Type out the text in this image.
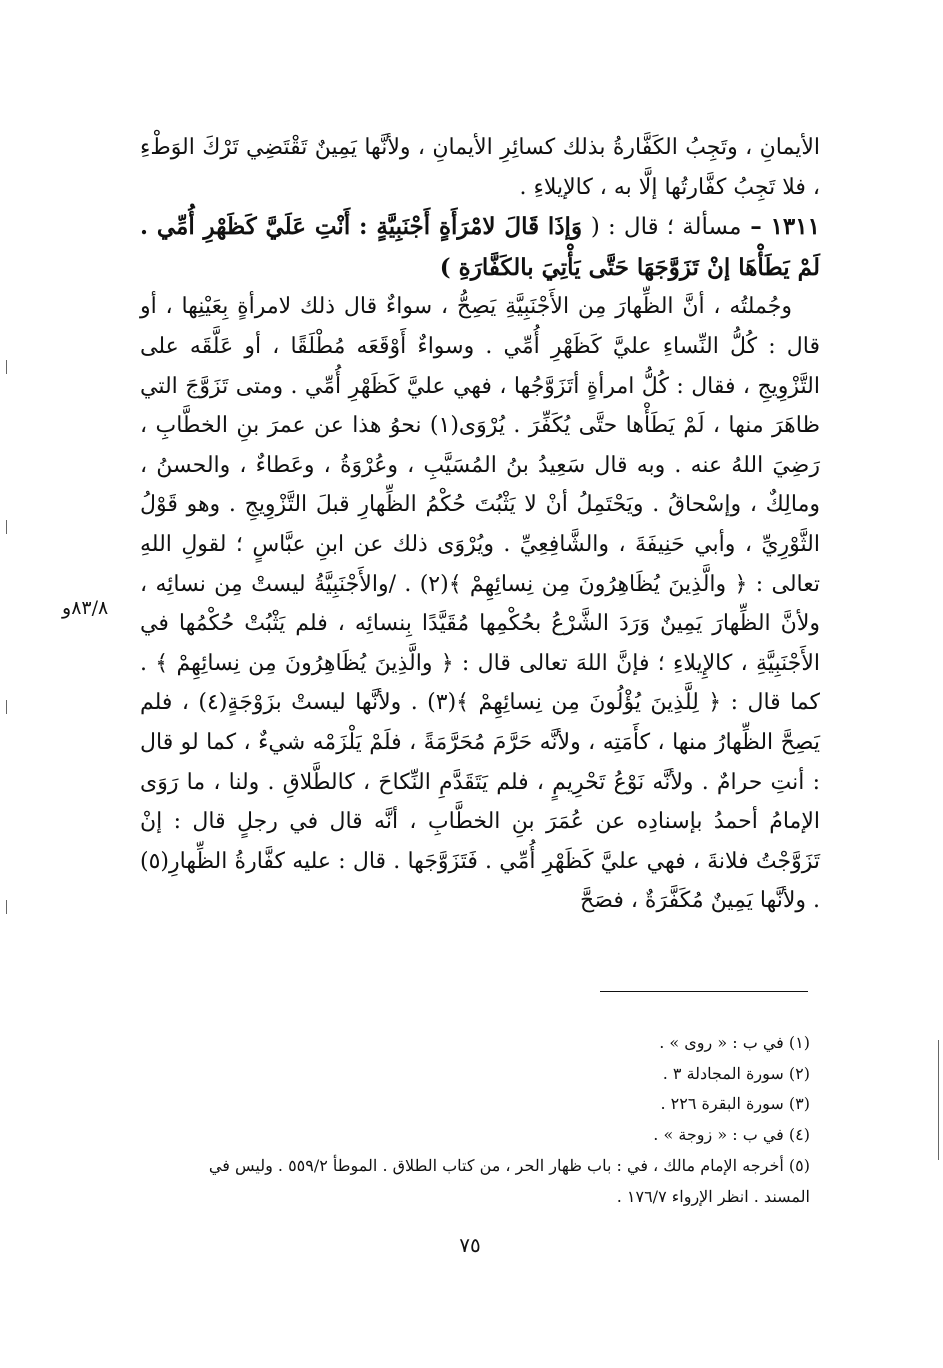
الأيمانِ ، وتَجِبُ الكَفَّارةُ بذلك كسائِرِ الأيمانِ ، ولأنَّها يَمِينٌ تَقْتَضِي تَرْكَ الوَطْءِ ، فلا تَجِبُ كفَّارتُها إلَّا به ، كالإيلاءِ .

١٣١١ – مسألة ؛ قال : ( وَإذَا قَالَ لامْرَأَةٍ أَجْنَبِيَّةٍ : أَنْتِ عَلَيَّ كَظَهْرِ أُمِّي . لَمْ يَطَأْهَا إنْ تَزَوَّجَهَا حَتَّى يَأْتِيَ بالكَفَّارَةِ )

وجُملتُه ، أنَّ الظِّهارَ مِن الأَجْنَبِيَّةِ يَصِحُّ ، سواءٌ قال ذلك لامرأةٍ بِعَيْنِها ، أو قال : كُلُّ النِّساءِ عليَّ كَظَهْرِ أُمِّي . وسواءٌ أَوْقَعَه مُطْلَقًا ، أو عَلَّقَه على التَّزْوِيجِ ، فقال : كُلُّ امرأةٍ أتَزَوَّجُها ، فهي عليَّ كَظَهْرِ أُمِّي . ومتى تَزَوَّجَ التي ظاهَرَ منها ، لَمْ يَطَأْها حتَّى يُكَفِّرَ . يُرْوَى(١) نحوُ هذا عن عمرَ بنِ الخطَّابِ ، رَضِيَ اللهُ عنه . وبه قال سَعِيدُ بنُ المُسَيَّبِ ، وعُرْوَةُ ، وعَطاءٌ ، والحسنُ ، ومالِكٌ ، وإسْحاقُ . ويَحْتَمِلُ أنْ لا يَثْبُتَ حُكْمُ الظِّهارِ قبلَ التَّزْوِيجِ . وهو قَوْلُ الثَّوْرِيِّ ، وأبي حَنِيفَةَ ، والشَّافِعِيِّ . ويُرْوَى ذلك عن ابنِ عبَّاسٍ ؛ لقولِ اللهِ تعالى : ﴿ والَّذِينَ يُظَاهِرُونَ مِن نِسائِهِمْ ﴾(٢) . /والأَجْنَبِيَّةُ ليستْ مِن نسائِه ، ولأنَّ الظِّهارَ يَمِينٌ وَرَدَ الشَّرْعُ بحُكْمِها مُقَيَّدًا بِنسائِه ، فلم يَثْبُتْ حُكْمُها في الأَجْنَبِيَّةِ ، كالإِيلاءِ ؛ فإنَّ اللهَ تعالى قال : ﴿ والَّذِينَ يُظَاهِرُونَ مِن نِسائِهِمْ ﴾ . كما قال : ﴿ لِلَّذِينَ يُؤْلُونَ مِن نِسائِهِمْ ﴾(٣) . ولأنَّها ليستْ بزَوْجَةٍ(٤) ، فلم يَصِحَّ الظِّهارُ منها ، كأَمَتِه ، ولأنَّه حَرَّمَ مُحَرَّمَةً ، فلَمْ يَلْزَمْه شيءٌ ، كما لو قال : أنتِ حرامٌ . ولأنَّه نَوْعُ تَحْرِيمٍ ، فلم يَتَقَدَّمِ النِّكاحَ ، كالطَّلاقِ . ولنا ، ما رَوَى الإمامُ أحمدُ بإسنادِه عن عُمَرَ بنِ الخطَّابِ ، أنَّه قال في رجلٍ قال : إنْ تَزَوَّجْتُ فلانةَ ، فهي عليَّ كَظَهْرِ أُمِّي . فَتَزَوَّجَها . قال : عليه كفَّارةُ الظِّهارِ(٥) . ولأنَّها يَمِينٌ مُكَفَّرَةٌ ، فصَحَّ

٨٣/٨و

(١) في ب : « روى » .

(٢) سورة المجادلة ٣ .

(٣) سورة البقرة ٢٢٦ .

(٤) في ب : « زوجة » .

(٥) أخرجه الإمام مالك ، في : باب ظهار الحر ، من كتاب الطلاق . الموطأ ٥٥٩/٢ . وليس في المسند . انظر الإرواء ١٧٦/٧ .

٧٥
